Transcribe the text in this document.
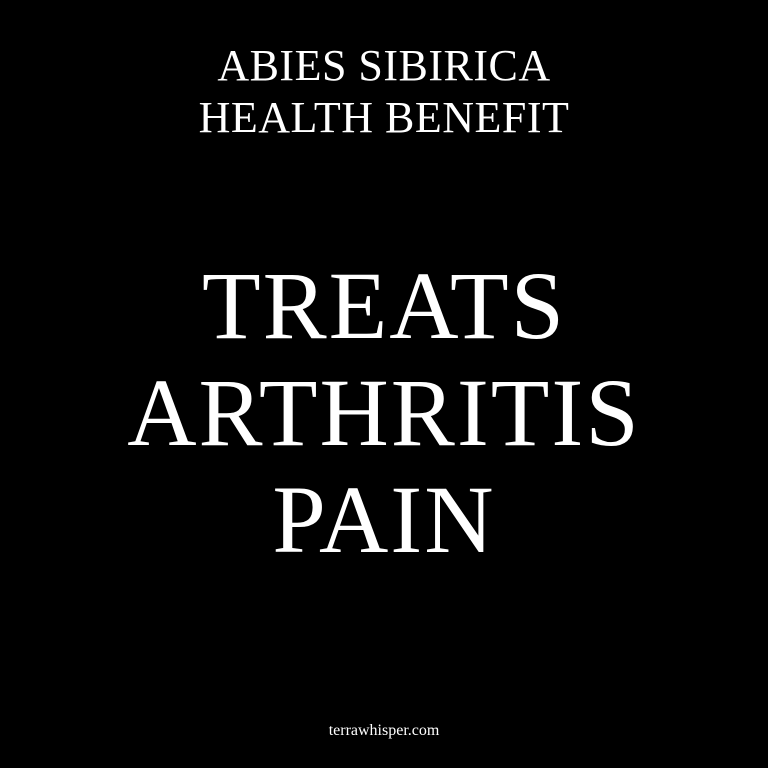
ABIES SIBIRICA
HEALTH BENEFIT
TREATS
ARTHRITIS
PAIN
terrawhisper.com
